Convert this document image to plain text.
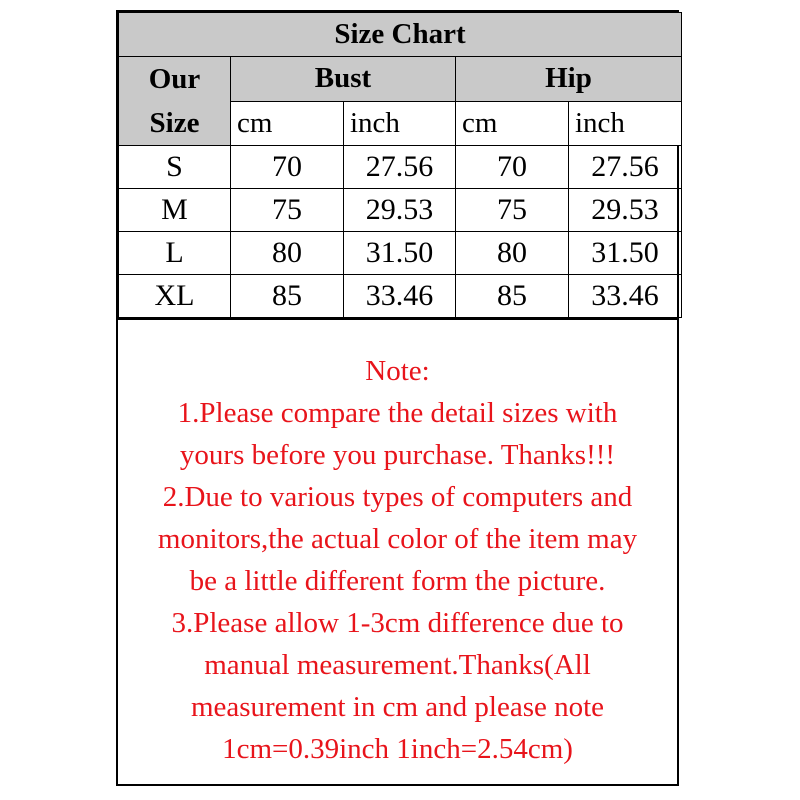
Size Chart				

Our
Size	Bust		Hip	
	cm	inch	cm	inch
S	70	27.56	70	27.56
M	75	29.53	75	29.53
L	80	31.50	80	31.50
XL	85	33.46	85	33.46
Note:
1.Please compare the detail sizes with
yours before you purchase. Thanks!!!
2.Due to various types of computers and
monitors,the actual color of the item may
be a little different form the picture.
3.Please allow 1-3cm difference due to
manual measurement.Thanks(All
measurement in cm and please note
1cm=0.39inch 1inch=2.54cm)
